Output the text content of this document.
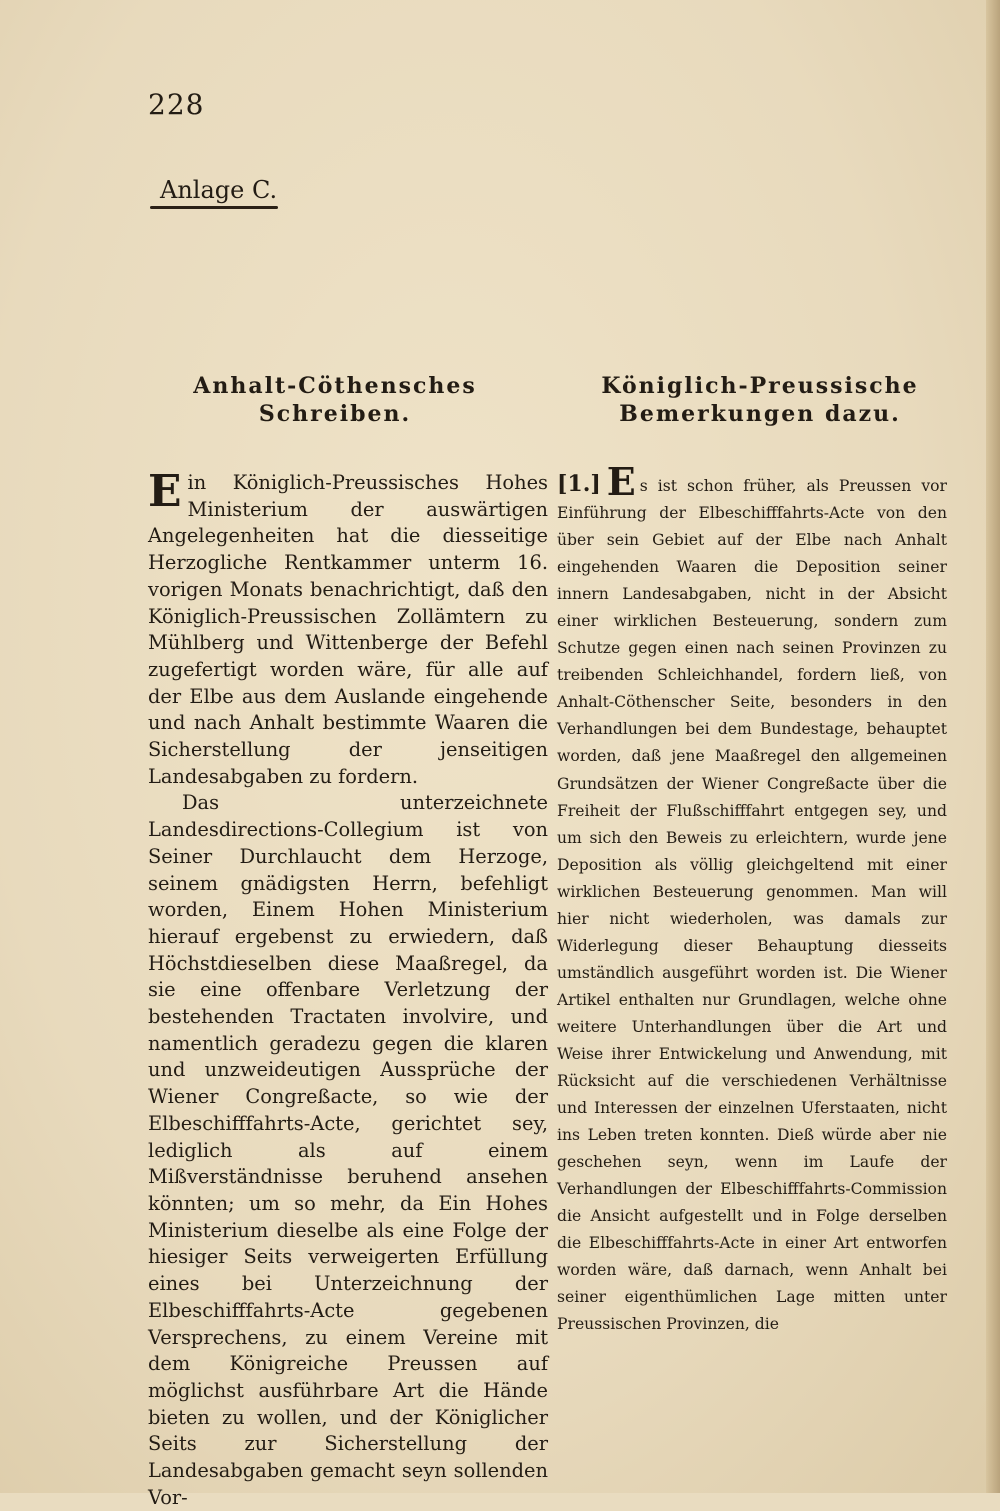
228
Anlage C.
Anhalt-Cöthensches Schreiben.
Königlich-Preussische Bemerkungen dazu.

Ein Königlich-Preussisches Hohes Ministerium der auswärtigen Angelegenheiten hat die diesseitige Herzogliche Rentkammer unterm 16. vorigen Monats benachrichtigt, daß den Königlich-Preussischen Zollämtern zu Mühlberg und Wittenberge der Befehl zugefertigt worden wäre, für alle auf der Elbe aus dem Auslande eingehende und nach Anhalt bestimmte Waaren die Sicherstellung der jenseitigen Landesabgaben zu fordern.

Das unterzeichnete Landesdirections-Collegium ist von Seiner Durchlaucht dem Herzoge, seinem gnädigsten Herrn, befehligt worden, Einem Hohen Ministerium hierauf ergebenst zu erwiedern, daß Höchstdieselben diese Maaßregel, da sie eine offenbare Verletzung der bestehenden Tractaten involvire, und namentlich geradezu gegen die klaren und unzweideutigen Aussprüche der Wiener Congreßacte, so wie der Elbeschifffahrts-Acte, gerichtet sey, lediglich als auf einem Mißverständnisse beruhend ansehen könnten; um so mehr, da Ein Hohes Ministerium dieselbe als eine Folge der hiesiger Seits verweigerten Erfüllung eines bei Unterzeichnung der Elbeschifffahrts-Acte gegebenen Versprechens, zu einem Vereine mit dem Königreiche Preussen auf möglichst ausführbare Art die Hände bieten zu wollen, und der Königlicher Seits zur Sicherstellung der Landesabgaben gemacht seyn sollenden Vor-

[1.] E s ist schon früher, als Preussen vor Einführung der Elbeschifffahrts-Acte von den über sein Gebiet auf der Elbe nach Anhalt eingehenden Waaren die Deposition seiner innern Landesabgaben, nicht in der Absicht einer wirklichen Besteuerung, sondern zum Schutze gegen einen nach seinen Provinzen zu treibenden Schleichhandel, fordern ließ, von Anhalt-Cöthenscher Seite, besonders in den Verhandlungen bei dem Bundestage, behauptet worden, daß jene Maaßregel den allgemeinen Grundsätzen der Wiener Congreßacte über die Freiheit der Flußschifffahrt entgegen sey, und um sich den Beweis zu erleichtern, wurde jene Deposition als völlig gleichgeltend mit einer wirklichen Besteuerung genommen. Man will hier nicht wiederholen, was damals zur Widerlegung dieser Behauptung diesseits umständlich ausgeführt worden ist. Die Wiener Artikel enthalten nur Grundlagen, welche ohne weitere Unterhandlungen über die Art und Weise ihrer Entwickelung und Anwendung, mit Rücksicht auf die verschiedenen Verhältnisse und Interessen der einzelnen Uferstaaten, nicht ins Leben treten konnten. Dieß würde aber nie geschehen seyn, wenn im Laufe der Verhandlungen der Elbeschifffahrts-Commission die Ansicht aufgestellt und in Folge derselben die Elbeschifffahrts-Acte in einer Art entworfen worden wäre, daß darnach, wenn Anhalt bei seiner eigenthümlichen Lage mitten unter Preussischen Provinzen, die
